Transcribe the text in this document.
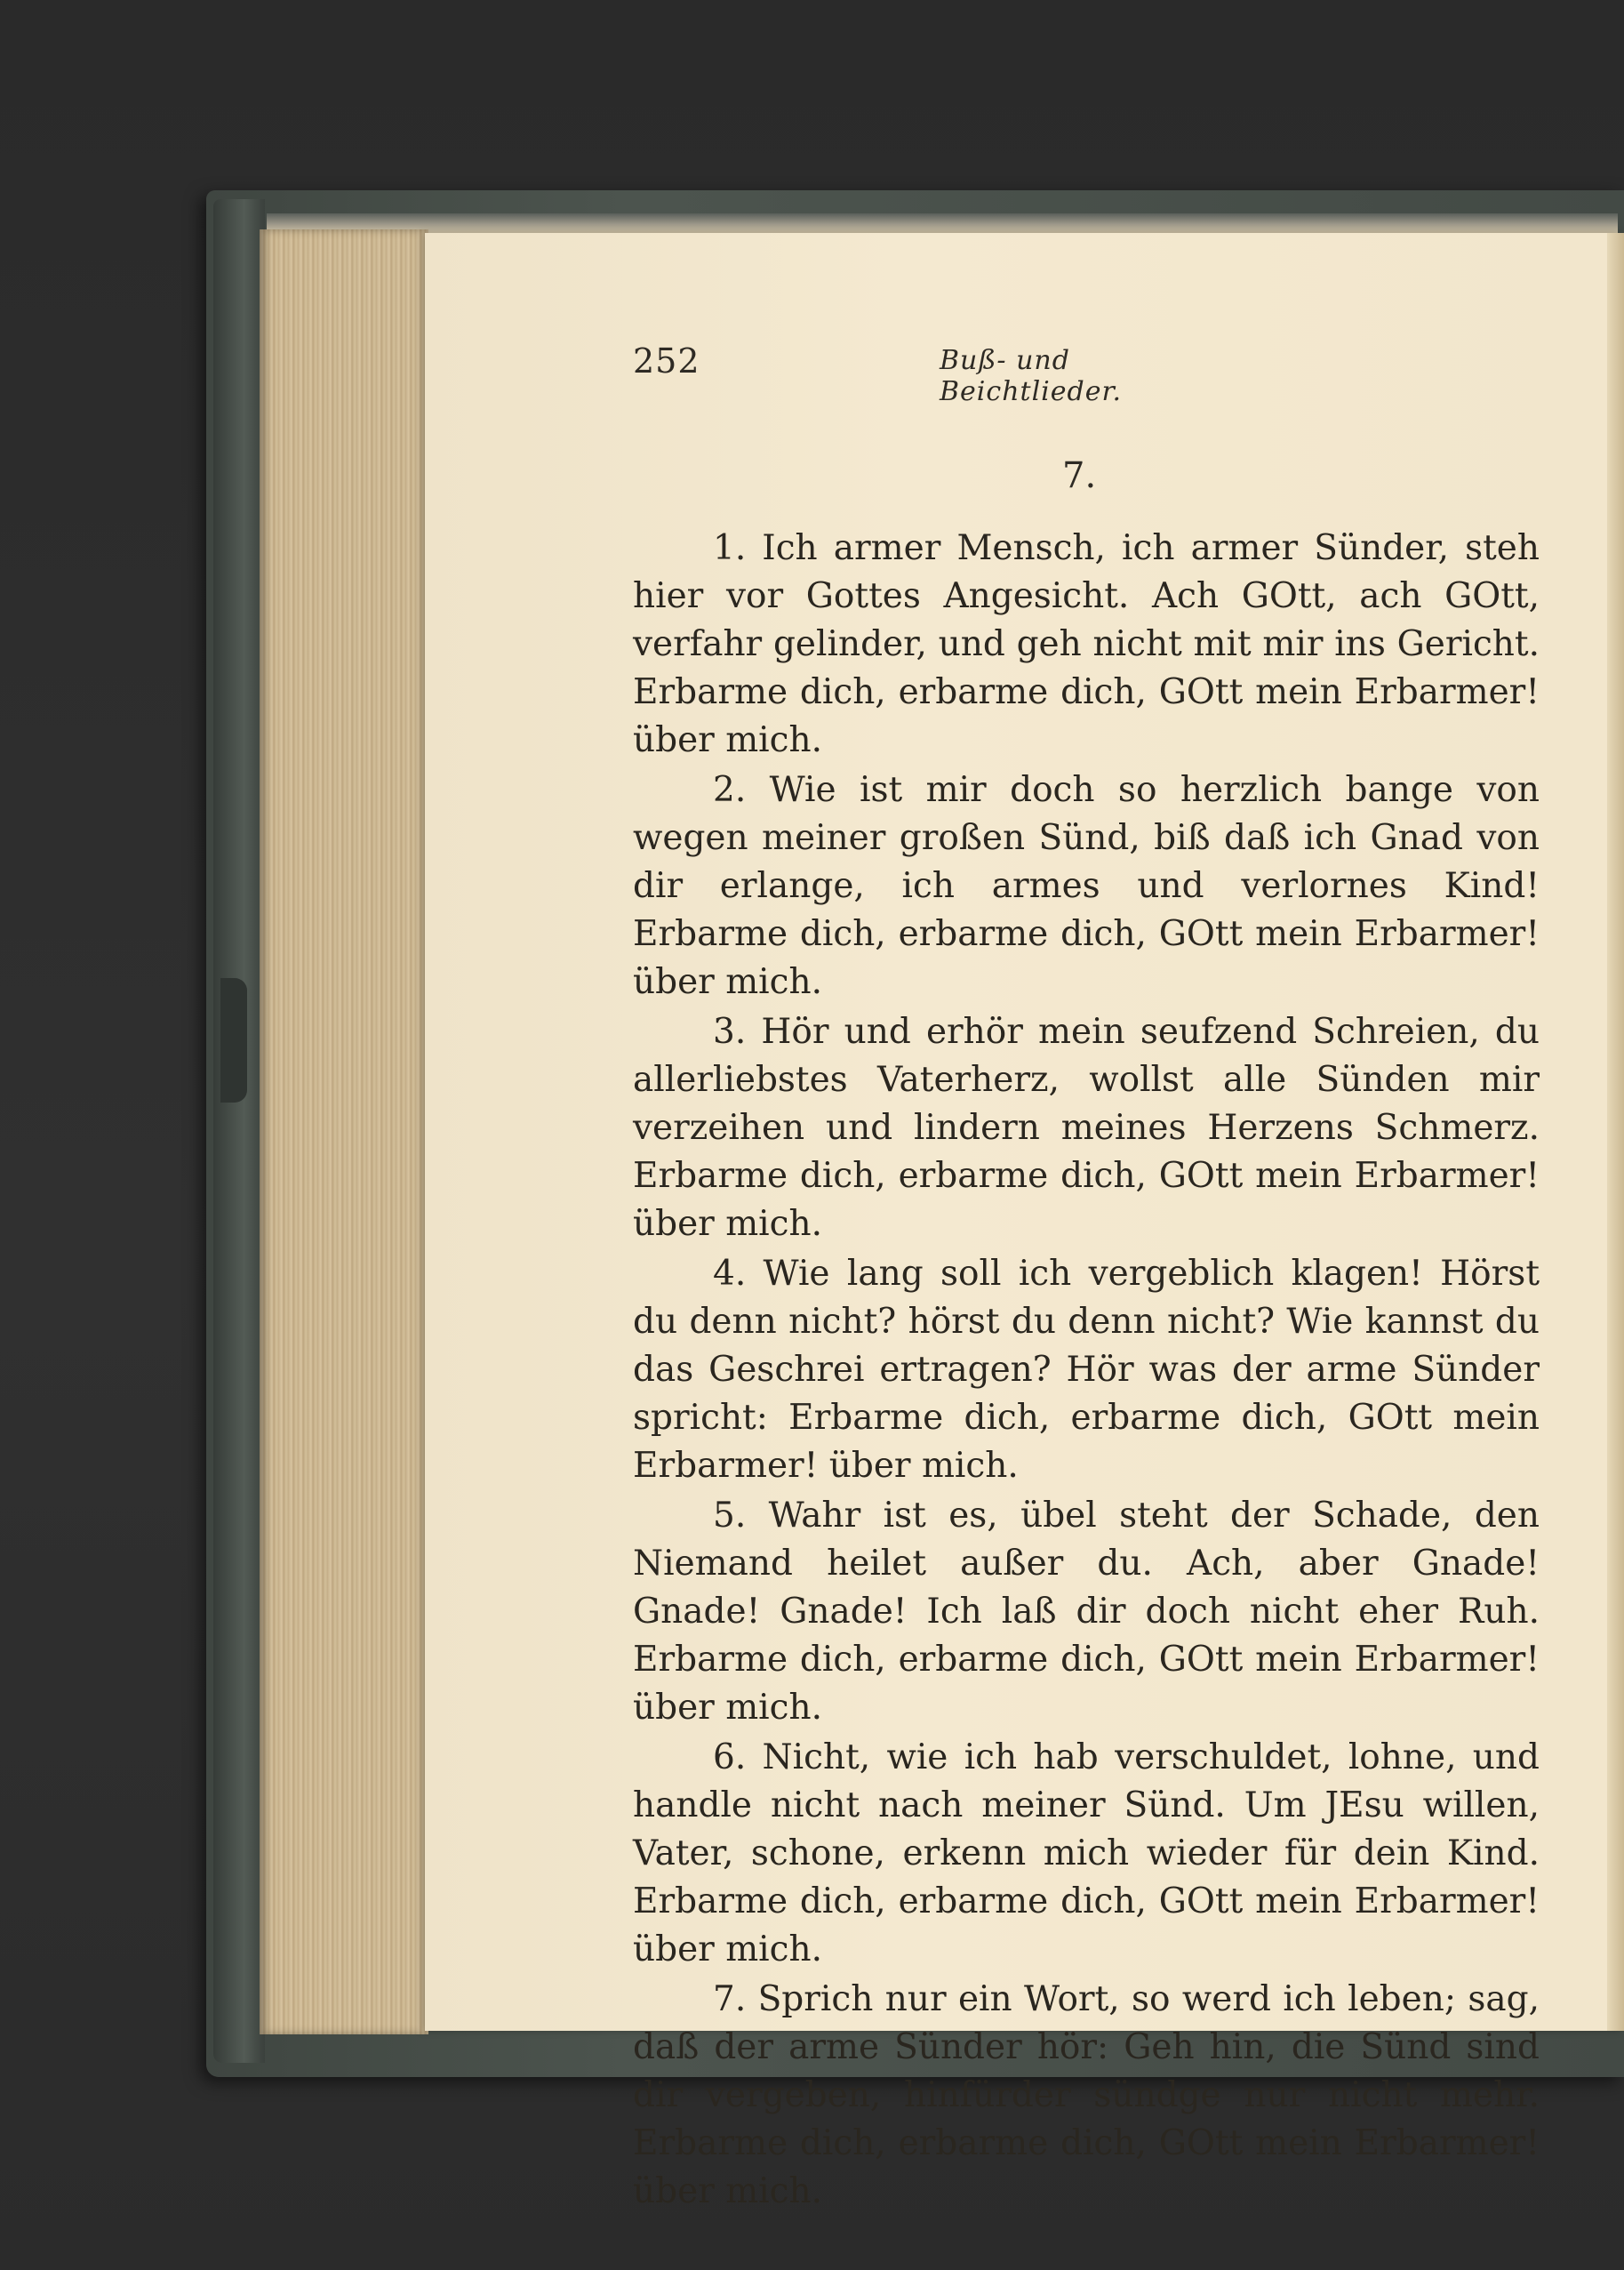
252	Buß- und Beichtlieder.
7.

1. Ich armer Mensch, ich armer Sünder, steh hier vor Gottes Angesicht. Ach GOtt, ach GOtt, verfahr gelinder, und geh nicht mit mir ins Gericht. Erbarme dich, erbarme dich, GOtt mein Erbarmer! über mich.

2. Wie ist mir doch so herzlich bange von wegen meiner großen Sünd, biß daß ich Gnad von dir erlange, ich armes und verlornes Kind! Erbarme dich, erbarme dich, GOtt mein Erbarmer! über mich.

3. Hör und erhör mein seufzend Schreien, du allerliebstes Vaterherz, wollst alle Sünden mir verzeihen und lindern meines Herzens Schmerz. Erbarme dich, erbarme dich, GOtt mein Erbarmer! über mich.

4. Wie lang soll ich vergeblich klagen! Hörst du denn nicht? hörst du denn nicht? Wie kannst du das Geschrei ertragen? Hör was der arme Sünder spricht: Erbarme dich, erbarme dich, GOtt mein Erbarmer! über mich.

5. Wahr ist es, übel steht der Schade, den Niemand heilet außer du. Ach, aber Gnade! Gnade! Gnade! Ich laß dir doch nicht eher Ruh. Erbarme dich, erbarme dich, GOtt mein Erbarmer! über mich.

6. Nicht, wie ich hab verschuldet, lohne, und handle nicht nach meiner Sünd. Um JEsu willen, Vater, schone, erkenn mich wieder für dein Kind. Erbarme dich, erbarme dich, GOtt mein Erbarmer! über mich.

7. Sprich nur ein Wort, so werd ich leben; sag, daß der arme Sünder hör: Geh hin, die Sünd sind dir vergeben, hinfürder sündge nur nicht mehr. Erbarme dich, erbarme dich, GOtt mein Erbarmer! über mich.
